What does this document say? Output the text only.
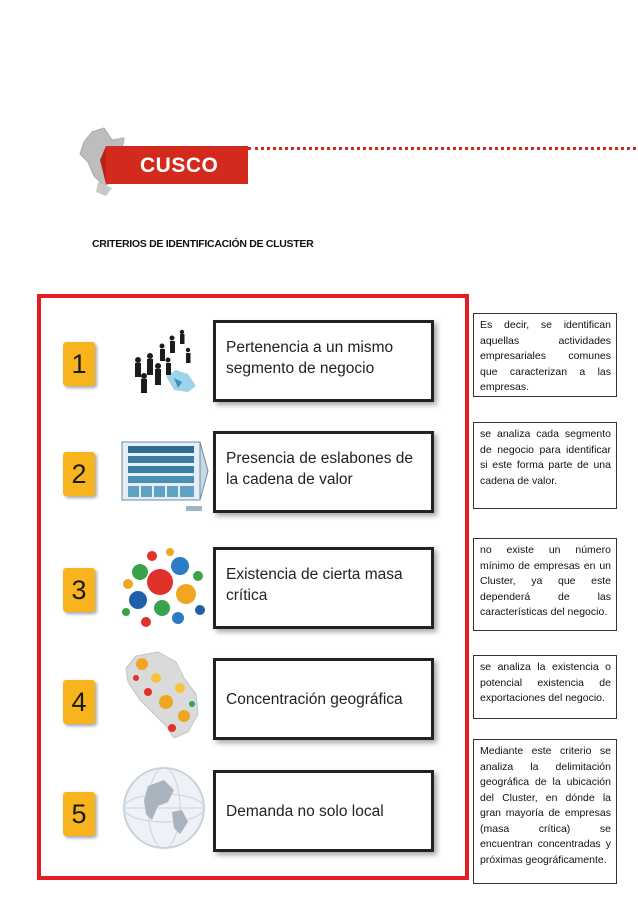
CUSCO
CRITERIOS DE IDENTIFICACIÓN DE CLUSTER
1
Pertenencia a un mismo segmento de negocio
2	Presencia de eslabones de la cadena de valor
3	Existencia de cierta masa crítica
4	Concentración geográfica
5	Demanda no solo local
Es decir, se identifican aquellas actividades empresariales comunes que caracterizan a las empresas.
se analiza cada segmento de negocio para identificar si este forma parte de una cadena de valor.
no existe un número mínimo de empresas en un Cluster, ya que este dependerá de las características del negocio.
se analiza la existencia o potencial existencia de exportaciones del negocio.
Mediante este criterio se analiza la delimitación geográfica de la ubicación del Cluster, en dónde la gran mayoría de empresas (masa crítica) se encuentran concentradas y próximas geográficamente.
